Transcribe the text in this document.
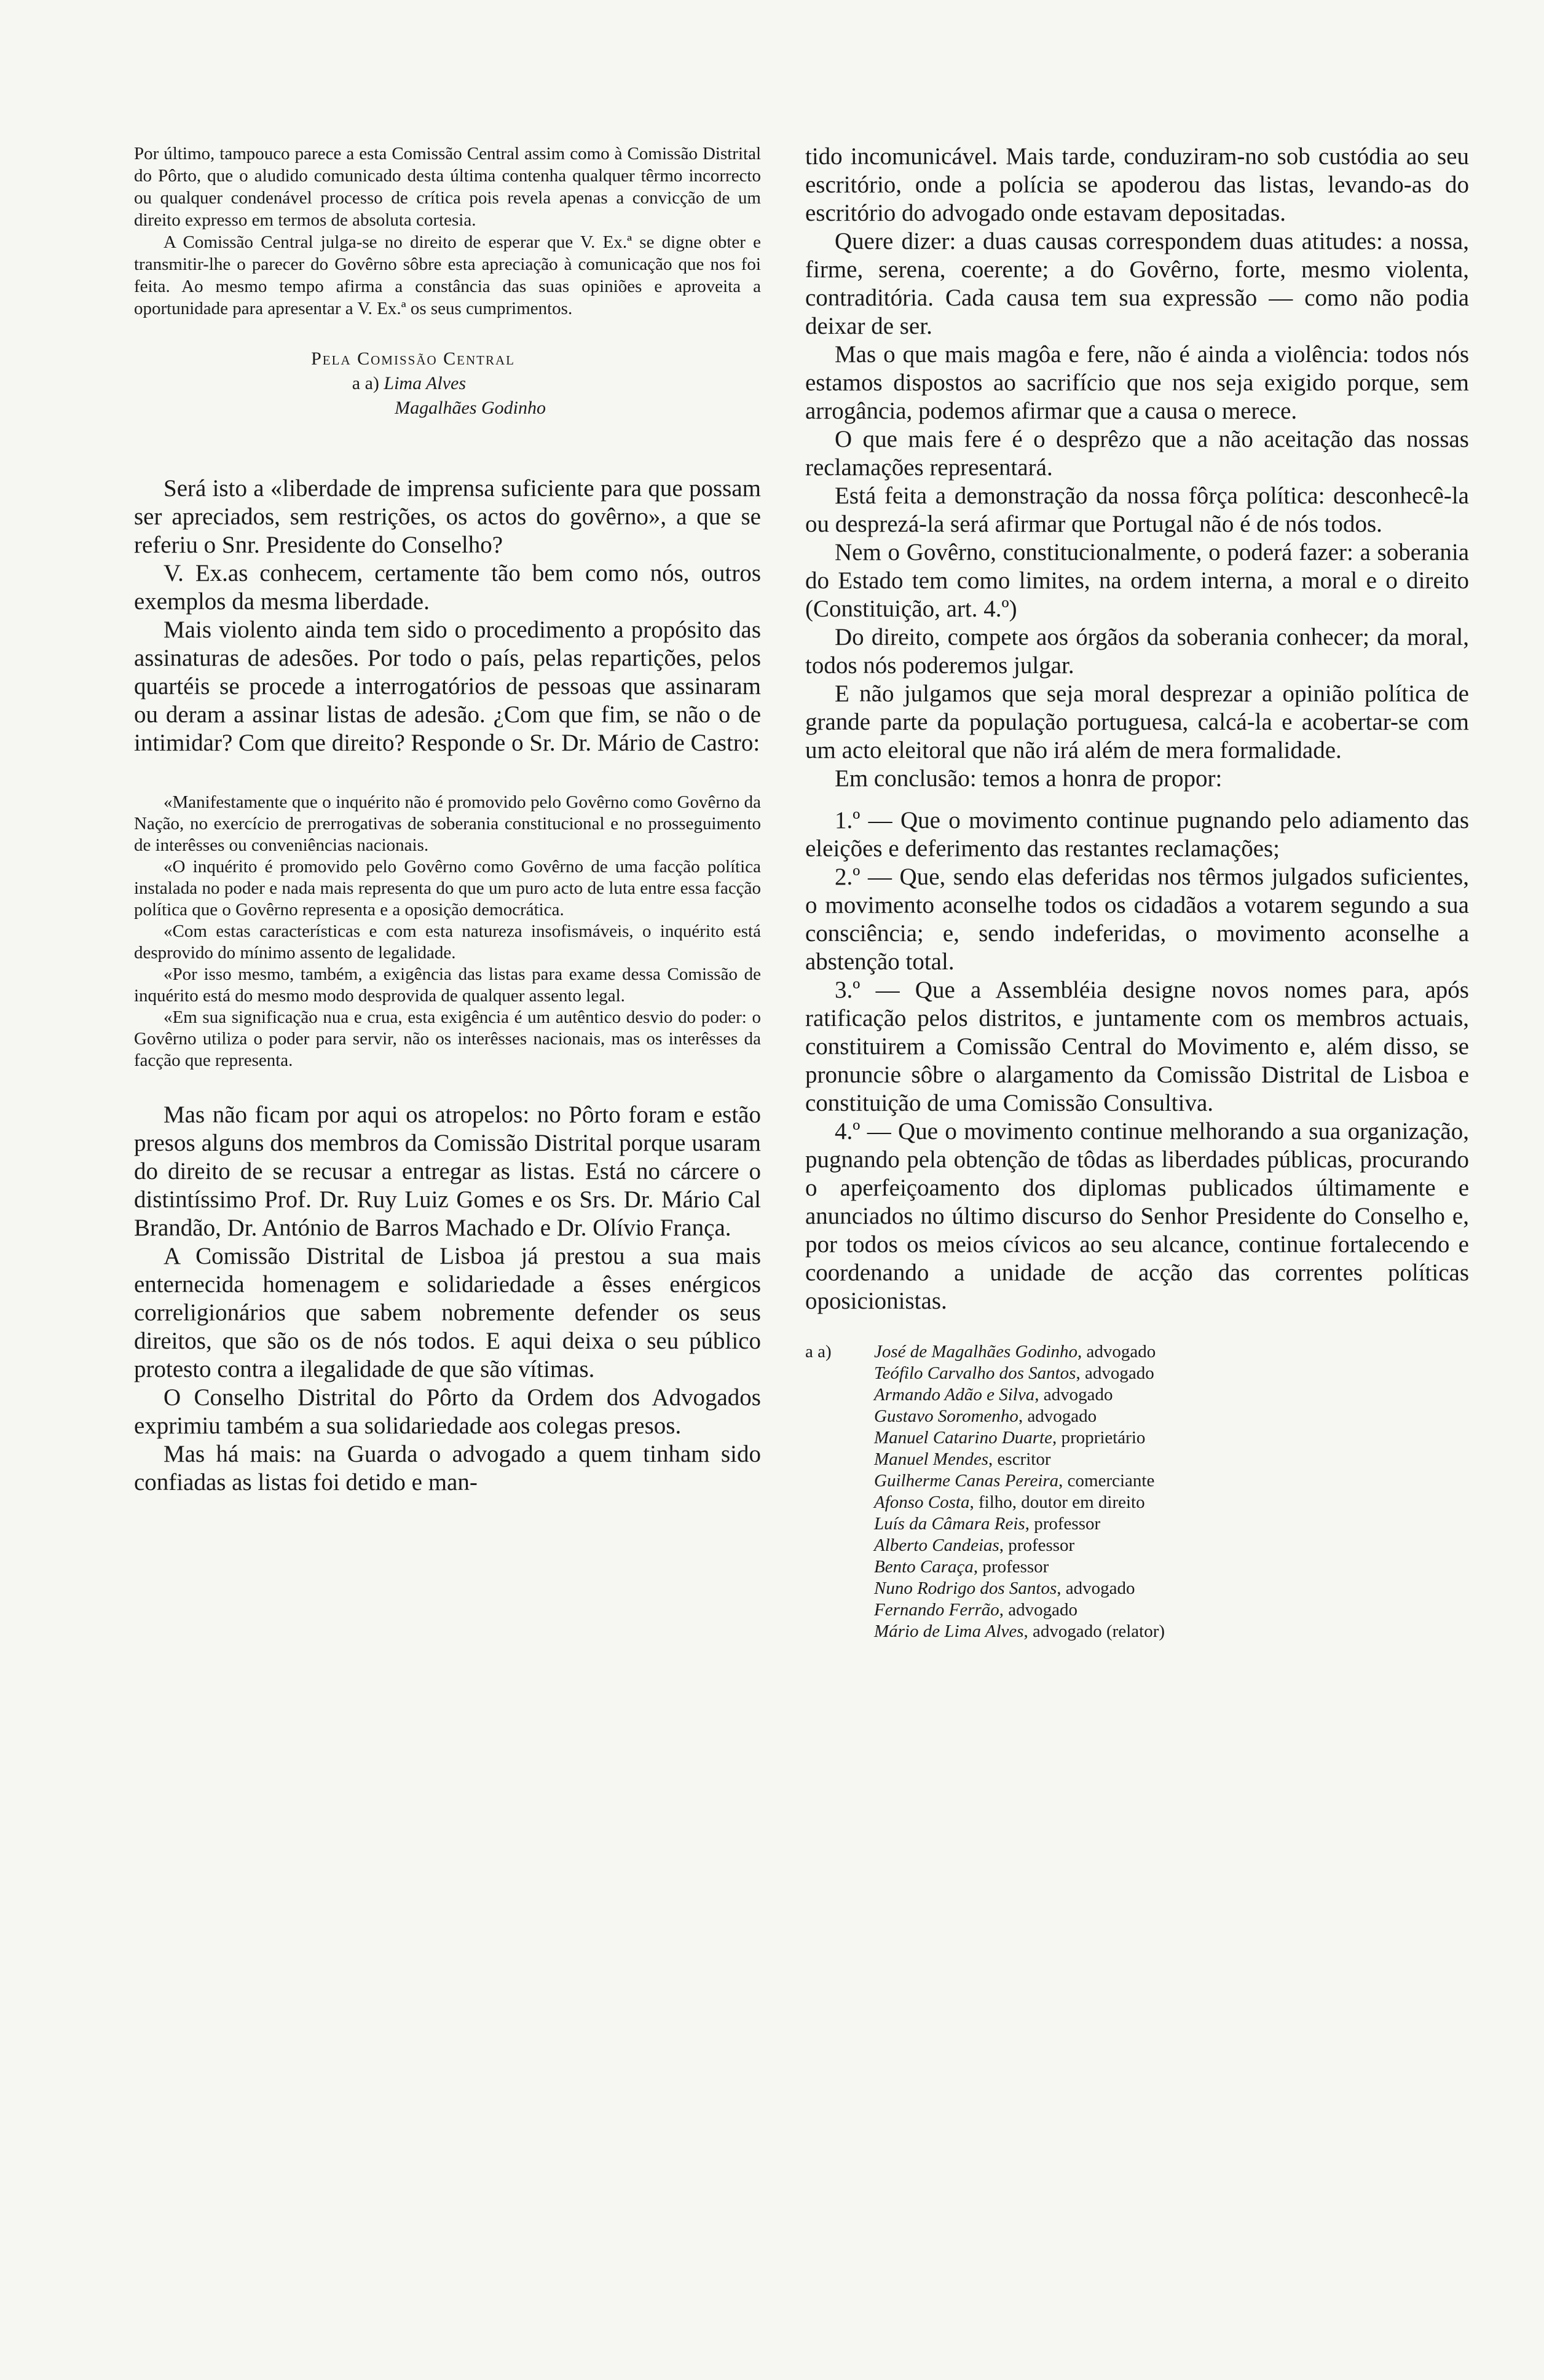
Por último, tampouco parece a esta Comissão Central assim como à Comissão Distrital do Pôrto, que o aludido comunicado desta última contenha qualquer têrmo incorrecto ou qualquer condenável processo de crítica pois revela apenas a convicção de um direito expresso em termos de absoluta cortesia.

A Comissão Central julga-se no direito de esperar que V. Ex.ª se digne obter e transmitir-lhe o parecer do Govêrno sôbre esta apreciação à comunicação que nos foi feita. Ao mesmo tempo afirma a constância das suas opiniões e aproveita a oportunidade para apresentar a V. Ex.ª os seus cumprimentos.

Pela Comissão Central
a a) Lima Alves
Magalhães Godinho

Será isto a «liberdade de imprensa suficiente para que possam ser apreciados, sem restrições, os actos do govêrno», a que se referiu o Snr. Presidente do Conselho?

V. Ex.as conhecem, certamente tão bem como nós, outros exemplos da mesma liberdade.

Mais violento ainda tem sido o procedimento a propósito das assinaturas de adesões. Por todo o país, pelas repartições, pelos quartéis se procede a interrogatórios de pessoas que assinaram ou deram a assinar listas de adesão. ¿Com que fim, se não o de intimidar? Com que direito? Responde o Sr. Dr. Mário de Castro:

«Manifestamente que o inquérito não é promovido pelo Govêrno como Govêrno da Nação, no exercício de prerrogativas de soberania constitucional e no prosseguimento de interêsses ou conveniências nacionais.

«O inquérito é promovido pelo Govêrno como Govêrno de uma facção política instalada no poder e nada mais representa do que um puro acto de luta entre essa facção política que o Govêrno representa e a oposição democrática.

«Com estas características e com esta natureza insofismáveis, o inquérito está desprovido do mínimo assento de legalidade.

«Por isso mesmo, também, a exigência das listas para exame dessa Comissão de inquérito está do mesmo modo desprovida de qualquer assento legal.

«Em sua significação nua e crua, esta exigência é um autêntico desvio do poder: o Govêrno utiliza o poder para servir, não os interêsses nacionais, mas os interêsses da facção que representa.

Mas não ficam por aqui os atropelos: no Pôrto foram e estão presos alguns dos membros da Comissão Distrital porque usaram do direito de se recusar a entregar as listas. Está no cárcere o distintíssimo Prof. Dr. Ruy Luiz Gomes e os Srs. Dr. Mário Cal Brandão, Dr. António de Barros Machado e Dr. Olívio França.

A Comissão Distrital de Lisboa já prestou a sua mais enternecida homenagem e solidariedade a êsses enérgicos correligionários que sabem nobremente defender os seus direitos, que são os de nós todos. E aqui deixa o seu público protesto contra a ilegalidade de que são vítimas.

O Conselho Distrital do Pôrto da Ordem dos Advogados exprimiu também a sua solidariedade aos colegas presos.

Mas há mais: na Guarda o advogado a quem tinham sido confiadas as listas foi detido e man-

tido incomunicável. Mais tarde, conduziram-no sob custódia ao seu escritório, onde a polícia se apoderou das listas, levando-as do escritório do advogado onde estavam depositadas.

Quere dizer: a duas causas correspondem duas atitudes: a nossa, firme, serena, coerente; a do Govêrno, forte, mesmo violenta, contraditória. Cada causa tem sua expressão — como não podia deixar de ser.

Mas o que mais magôa e fere, não é ainda a violência: todos nós estamos dispostos ao sacrifício que nos seja exigido porque, sem arrogância, podemos afirmar que a causa o merece.

O que mais fere é o desprêzo que a não aceitação das nossas reclamações representará.

Está feita a demonstração da nossa fôrça política: desconhecê-la ou desprezá-la será afirmar que Portugal não é de nós todos.

Nem o Govêrno, constitucionalmente, o poderá fazer: a soberania do Estado tem como limites, na ordem interna, a moral e o direito (Constituição, art. 4.º)

Do direito, compete aos órgãos da soberania conhecer; da moral, todos nós poderemos julgar.

E não julgamos que seja moral desprezar a opinião política de grande parte da população portuguesa, calcá-la e acobertar-se com um acto eleitoral que não irá além de mera formalidade.

Em conclusão: temos a honra de propor:

1.º — Que o movimento continue pugnando pelo adiamento das eleições e deferimento das restantes reclamações;

2.º — Que, sendo elas deferidas nos têrmos julgados suficientes, o movimento aconselhe todos os cidadãos a votarem segundo a sua consciência; e, sendo indeferidas, o movimento aconselhe a abstenção total.

3.º — Que a Assembléia designe novos nomes para, após ratificação pelos distritos, e juntamente com os membros actuais, constituirem a Comissão Central do Movimento e, além disso, se pronuncie sôbre o alargamento da Comissão Distrital de Lisboa e constituição de uma Comissão Consultiva.

4.º — Que o movimento continue melhorando a sua organização, pugnando pela obtenção de tôdas as liberdades públicas, procurando o aperfeiçoamento dos diplomas publicados últimamente e anunciados no último discurso do Senhor Presidente do Conselho e, por todos os meios cívicos ao seu alcance, continue fortalecendo e coordenando a unidade de acção das correntes políticas oposicionistas.

a a) José de Magalhães Godinho, advogado
Teófilo Carvalho dos Santos, advogado
Armando Adão e Silva, advogado
Gustavo Soromenho, advogado
Manuel Catarino Duarte, proprietário
Manuel Mendes, escritor
Guilherme Canas Pereira, comerciante
Afonso Costa, filho, doutor em direito
Luís da Câmara Reis, professor
Alberto Candeias, professor
Bento Caraça, professor
Nuno Rodrigo dos Santos, advogado
Fernando Ferrão, advogado
Mário de Lima Alves, advogado (relator)
